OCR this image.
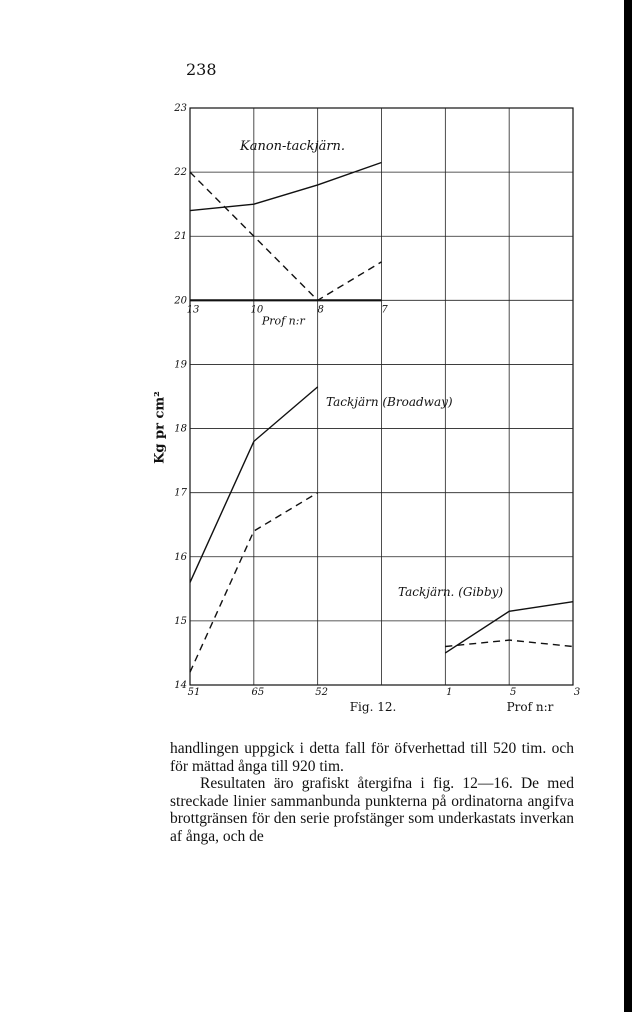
238
14
15
16
17
18
19
20
21
22
23
13	10	8	7
Prof n:r
51	65	52	1	5	3
Fig. 12.	Prof n:r
Kanon-tackjärn.
Tackjärn (Broadway)
Tackjärn. (Gibby)
Kg pr cm²

handlingen uppgick i detta fall för öfverhettad till 520 tim. och för mättad ånga till 920 tim.

Resultaten äro grafiskt återgifna i fig. 12—16. De med streckade linier sammanbunda punkterna på ordinatorna angifva brottgränsen för den serie profstänger som underkastats inverkan af ånga, och de
